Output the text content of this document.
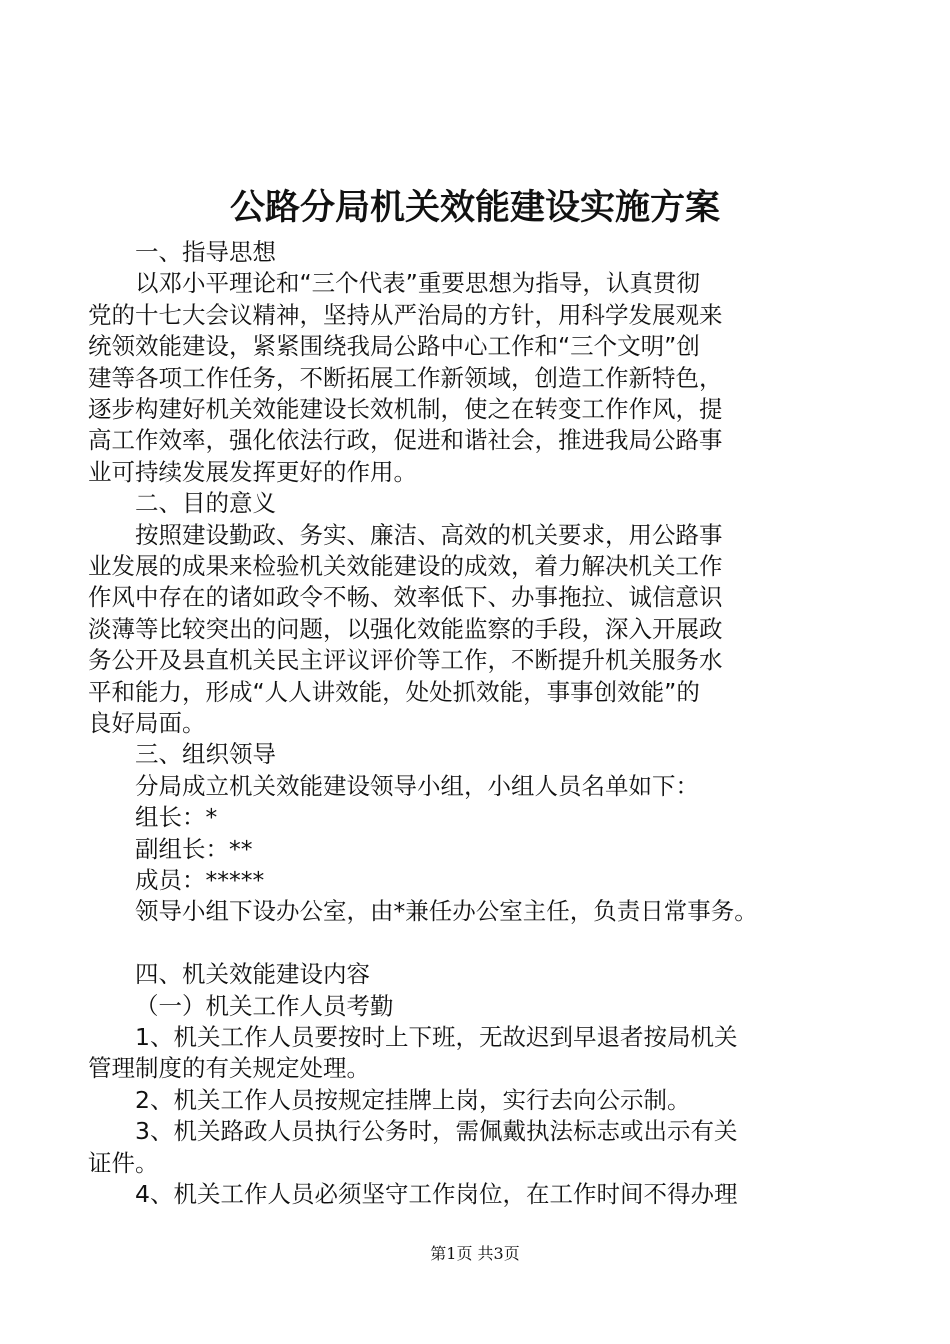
公路分局机关效能建设实施方案
一、指导思想
以邓小平理论和“三个代表”重要思想为指导，认真贯彻
党的十七大会议精神，坚持从严治局的方针，用科学发展观来
统领效能建设，紧紧围绕我局公路中心工作和“三个文明”创
建等各项工作任务，不断拓展工作新领域，创造工作新特色，
逐步构建好机关效能建设长效机制，使之在转变工作作风，提
高工作效率，强化依法行政，促进和谐社会，推进我局公路事
业可持续发展发挥更好的作用。
二、目的意义
按照建设勤政、务实、廉洁、高效的机关要求，用公路事
业发展的成果来检验机关效能建设的成效，着力解决机关工作
作风中存在的诸如政令不畅、效率低下、办事拖拉、诚信意识
淡薄等比较突出的问题，以强化效能监察的手段，深入开展政
务公开及县直机关民主评议评价等工作，不断提升机关服务水
平和能力，形成“人人讲效能，处处抓效能，事事创效能”的
良好局面。
三、组织领导
分局成立机关效能建设领导小组，小组人员名单如下：
组长：*
副组长：**
成员：*****
领导小组下设办公室，由*兼任办公室主任，负责日常事务。
四、机关效能建设内容
（一）机关工作人员考勤
1、机关工作人员要按时上下班，无故迟到早退者按局机关
管理制度的有关规定处理。
2、机关工作人员按规定挂牌上岗，实行去向公示制。
3、机关路政人员执行公务时，需佩戴执法标志或出示有关
证件。
4、机关工作人员必须坚守工作岗位，在工作时间不得办理
第1页 共3页
